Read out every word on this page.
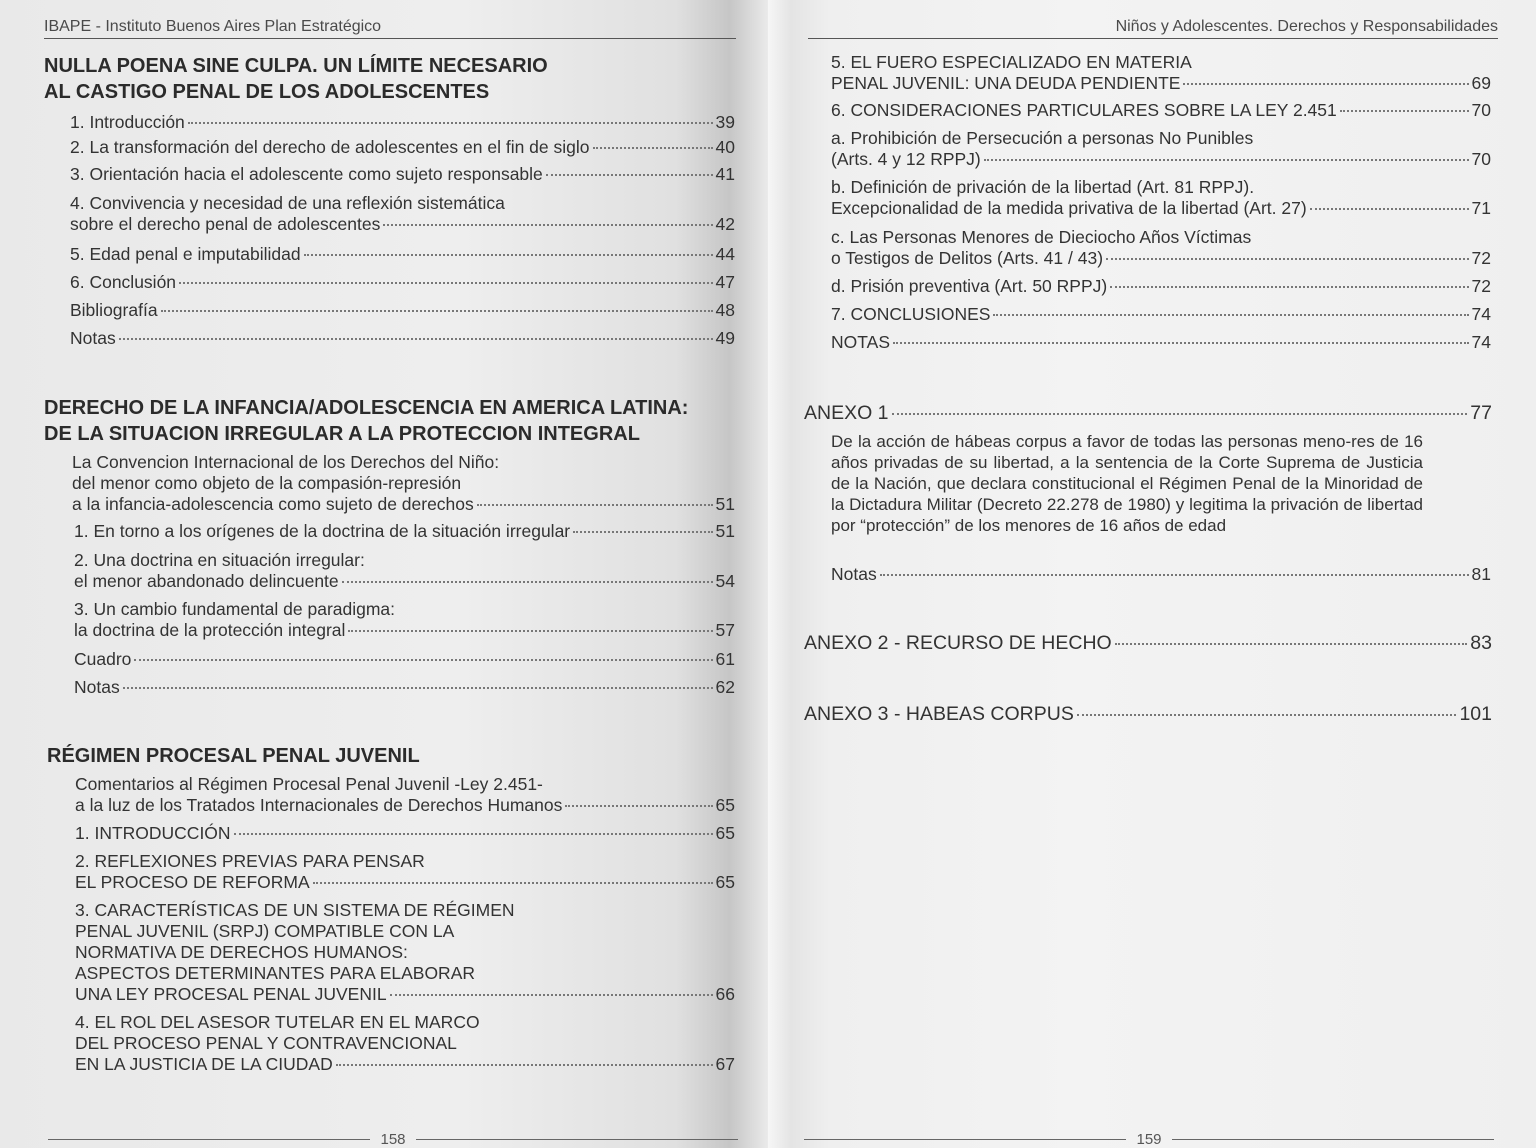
IBAPE - Instituto Buenos Aires Plan Estratégico
NULLA POENA SINE CULPA. UN LÍMITE NECESARIO
AL CASTIGO PENAL DE LOS ADOLESCENTES
1. Introducción	39
2. La transformación del derecho de adolescentes en el fin de siglo	40
3. Orientación hacia el adolescente como sujeto responsable	41
4. Convivencia y necesidad de una reflexión sistemática
sobre el derecho penal de adolescentes	42
5. Edad penal e imputabilidad	44
6. Conclusión	47
Bibliografía	48
Notas	49
DERECHO DE LA INFANCIA/ADOLESCENCIA EN AMERICA LATINA:
DE LA SITUACION IRREGULAR A LA PROTECCION INTEGRAL
La Convencion Internacional de los Derechos del Niño:
del menor como objeto de la compasión-represión
a la infancia-adolescencia como sujeto de derechos	51
1. En torno a los orígenes de la doctrina de la situación irregular	51
2. Una doctrina en situación irregular:
el menor abandonado delincuente	54
3. Un cambio fundamental de paradigma:
la doctrina de la protección integral	57
Cuadro	61
Notas	62
RÉGIMEN PROCESAL PENAL JUVENIL
Comentarios al Régimen Procesal Penal Juvenil -Ley 2.451-
a la luz de los Tratados Internacionales de Derechos Humanos	65
1. INTRODUCCIÓN	65
2. REFLEXIONES PREVIAS PARA PENSAR
EL PROCESO DE REFORMA	65
3. CARACTERÍSTICAS DE UN SISTEMA DE RÉGIMEN
PENAL JUVENIL (SRPJ) COMPATIBLE CON LA
NORMATIVA DE DERECHOS HUMANOS:
ASPECTOS DETERMINANTES PARA ELABORAR
UNA LEY PROCESAL PENAL JUVENIL	66
4. EL ROL DEL ASESOR TUTELAR EN EL MARCO
DEL PROCESO PENAL Y CONTRAVENCIONAL
EN LA JUSTICIA DE LA CIUDAD	67
158
Niños y Adolescentes. Derechos y Responsabilidades
5. EL FUERO ESPECIALIZADO EN MATERIA
PENAL JUVENIL: UNA DEUDA PENDIENTE	69
6. CONSIDERACIONES PARTICULARES SOBRE LA LEY 2.451	70
a. Prohibición de Persecución a personas No Punibles
(Arts. 4 y 12 RPPJ)	70
b. Definición de privación de la libertad (Art. 81 RPPJ).
Excepcionalidad de la medida privativa de la libertad (Art. 27)	71
c. Las Personas Menores de Dieciocho Años Víctimas
o Testigos de Delitos (Arts. 41 / 43)	72
d. Prisión preventiva (Art. 50 RPPJ)	72
7. CONCLUSIONES	74
NOTAS	74
ANEXO 1	77
De la acción de hábeas corpus a favor de todas las personas meno-res de 16 años privadas de su libertad, a la sentencia de la Corte Suprema de Justicia de la Nación, que declara constitucional el Régimen Penal de la Minoridad de la Dictadura Militar (Decreto 22.278 de 1980) y legitima la privación de libertad por “protección” de los menores de 16 años de edad
Notas	81
ANEXO 2 - RECURSO DE HECHO	83
ANEXO 3 - HABEAS CORPUS	101
159
